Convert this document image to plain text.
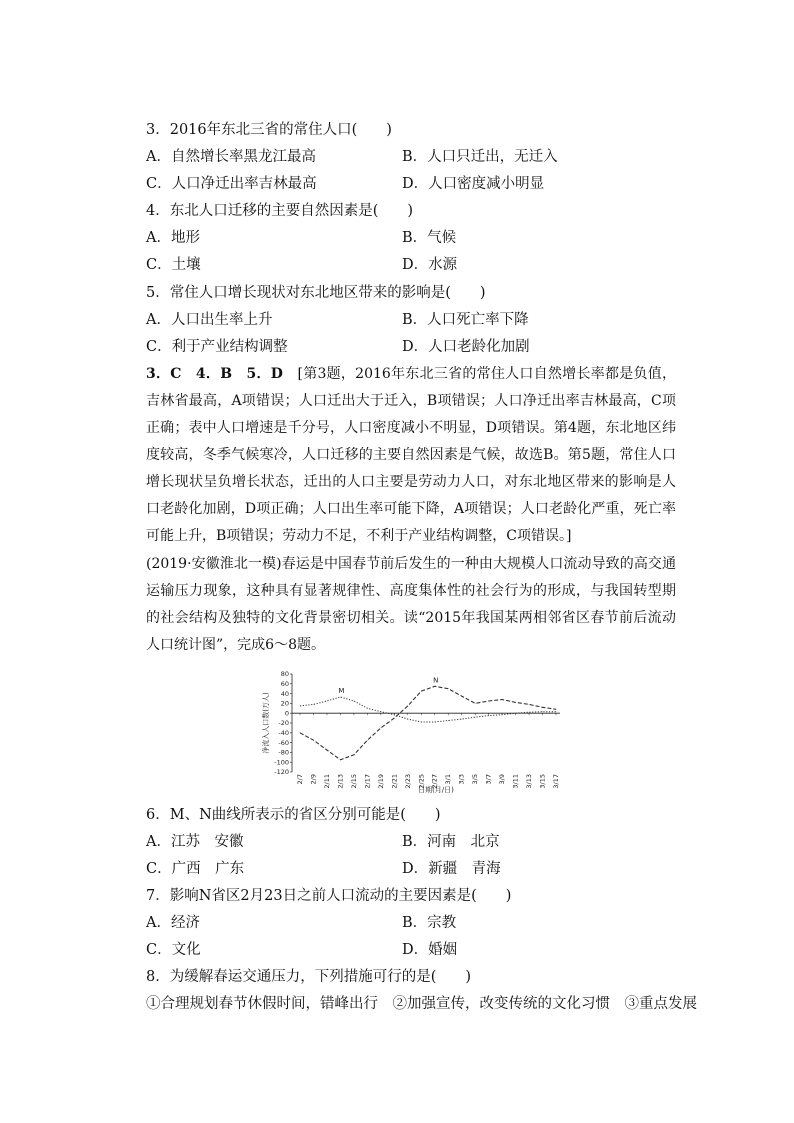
3．2016年东北三省的常住人口(　　)
A．自然增长率黑龙江最高	B．人口只迁出，无迁入
C．人口净迁出率吉林最高	D．人口密度减小明显
4．东北人口迁移的主要自然因素是(　　)
A．地形	B．气候
C．土壤	D．水源
5．常住人口增长现状对东北地区带来的影响是(　　)
A．人口出生率上升	B．人口死亡率下降
C．利于产业结构调整	D．人口老龄化加剧
3．C　4．B　5．D　 [第3题，2016年东北三省的常住人口自然增长率都是负值，吉林省最高，A项错误；人口迁出大于迁入，B项错误；人口净迁出率吉林最高，C项正确；表中人口增速是千分号，人口密度减小不明显，D项错误。第4题，东北地区纬度较高，冬季气候寒冷，人口迁移的主要自然因素是气候，故选B。第5题，常住人口增长现状呈负增长状态，迁出的人口主要是劳动力人口，对东北地区带来的影响是人口老龄化加剧，D项正确；人口出生率可能下降，A项错误；人口老龄化严重，死亡率可能上升，B项错误；劳动力不足，不利于产业结构调整，C项错误。]
(2019·安徽淮北一模)春运是中国春节前后发生的一种由大规模人口流动导致的高交通运输压力现象，这种具有显著规律性、高度集体性的社会行为的形成，与我国转型期的社会结构及独特的文化背景密切相关。读“2015年我国某两相邻省区春节前后流动人口统计图”，完成6～8题。
80
60
40
20
0
-20
-40
-60
-80
-100
-120
2/7 2/9 2/11 2/13 2/15 2/17 2/19 2/21 2/23 2/25 2/27 3/1 3/3 3/5 3/7 3/9 3/11 3/13 3/15 3/17
净流入人口数(万人)
日期(月/日)
M
N
6．M、N曲线所表示的省区分别可能是(　　)
A．江苏　安徽	B．河南　北京
C．广西　广东	D．新疆　青海
7．影响N省区2月23日之前人口流动的主要因素是(　　)
A．经济	B．宗教
C．文化	D．婚姻
8．为缓解春运交通压力，下列措施可行的是(　　)
①合理规划春节休假时间，错峰出行　②加强宣传，改变传统的文化习惯　③重点发展
